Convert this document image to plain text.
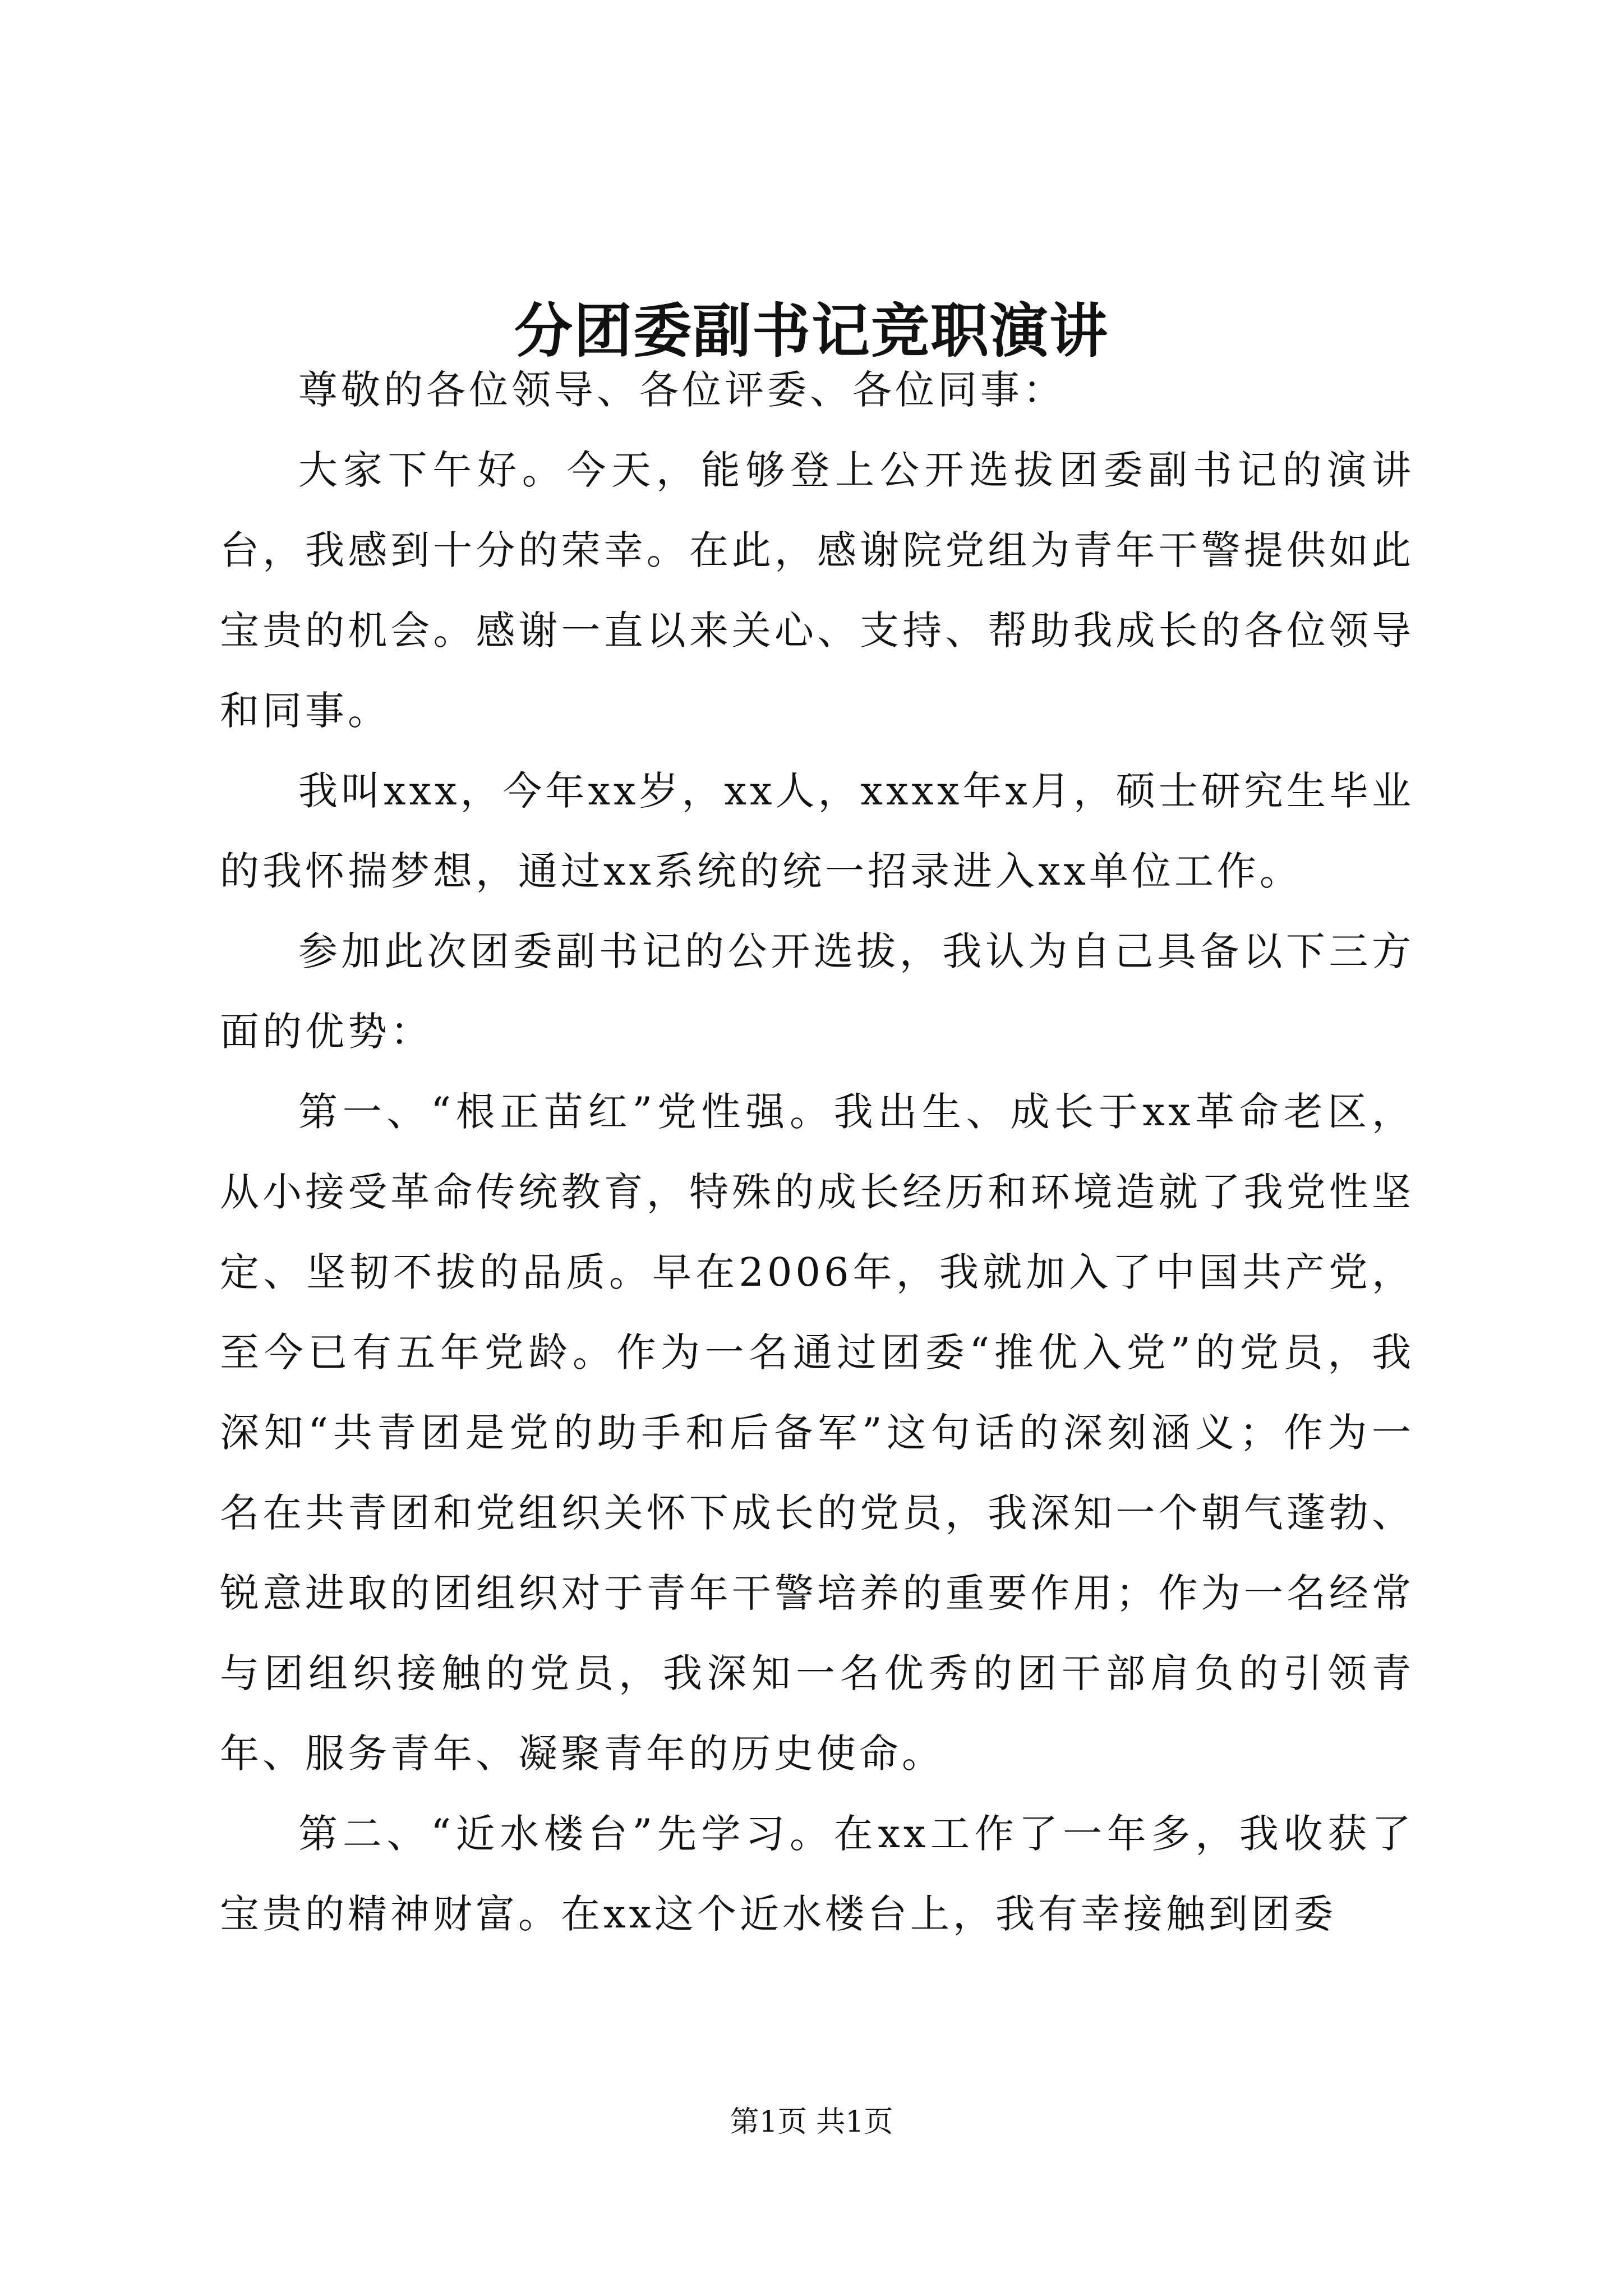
分团委副书记竞职演讲

尊敬的各位领导、各位评委、各位同事：

大家下午好。今天，能够登上公开选拔团委副书记的演讲台，我感到十分的荣幸。在此，感谢院党组为青年干警提供如此宝贵的机会。感谢一直以来关心、支持、帮助我成长的各位领导和同事。

我叫xxx，今年xx岁，xx人，xxxx年x月，硕士研究生毕业的我怀揣梦想，通过xx系统的统一招录进入xx单位工作。

参加此次团委副书记的公开选拔，我认为自己具备以下三方面的优势：

第一、“根正苗红”党性强。我出生、成长于xx革命老区，从小接受革命传统教育，特殊的成长经历和环境造就了我党性坚定、坚韧不拔的品质。早在2006年，我就加入了中国共产党，至今已有五年党龄。作为一名通过团委“推优入党”的党员，我深知“共青团是党的助手和后备军”这句话的深刻涵义；作为一名在共青团和党组织关怀下成长的党员，我深知一个朝气蓬勃、锐意进取的团组织对于青年干警培养的重要作用；作为一名经常与团组织接触的党员，我深知一名优秀的团干部肩负的引领青年、服务青年、凝聚青年的历史使命。

第二、“近水楼台”先学习。在xx工作了一年多，我收获了宝贵的精神财富。在xx这个近水楼台上，我有幸接触到团委

第1页 共1页
